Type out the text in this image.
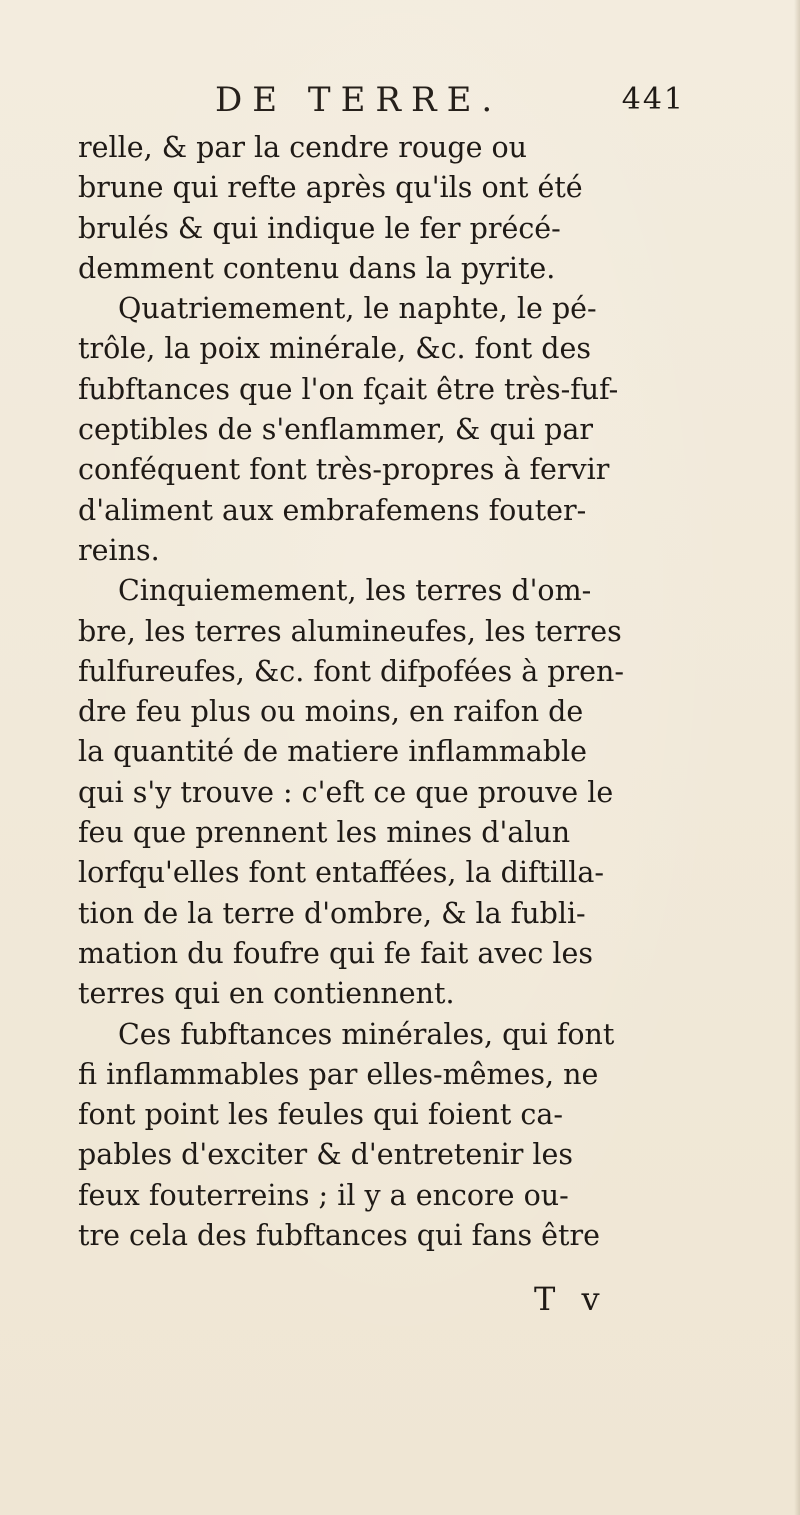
DE TERRE.	441
relle, & par la cendre rouge ou
brune qui refte après qu'ils ont été
brulés & qui indique le fer précé-
demment contenu dans la pyrite.
Quatriemement, le naphte, le pé-
trôle, la poix minérale, &c. font des
fubftances que l'on fçait être très-fuf-
ceptibles de s'enflammer, & qui par
conféquent font très-propres à fervir
d'aliment aux embrafemens fouter-
reins.
Cinquiemement, les terres d'om-
bre, les terres alumineufes, les terres
fulfureufes, &c. font difpofées à pren-
dre feu plus ou moins, en raifon de
la quantité de matiere inflammable
qui s'y trouve : c'eft ce que prouve le
feu que prennent les mines d'alun
lorfqu'elles font entaffées, la diftilla-
tion de la terre d'ombre, & la fubli-
mation du foufre qui fe fait avec les
terres qui en contiennent.
Ces fubftances minérales, qui font
fi inflammables par elles-mêmes, ne
font point les feules qui foient ca-
pables d'exciter & d'entretenir les
feux fouterreins ; il y a encore ou-
tre cela des fubftances qui fans être
T v
